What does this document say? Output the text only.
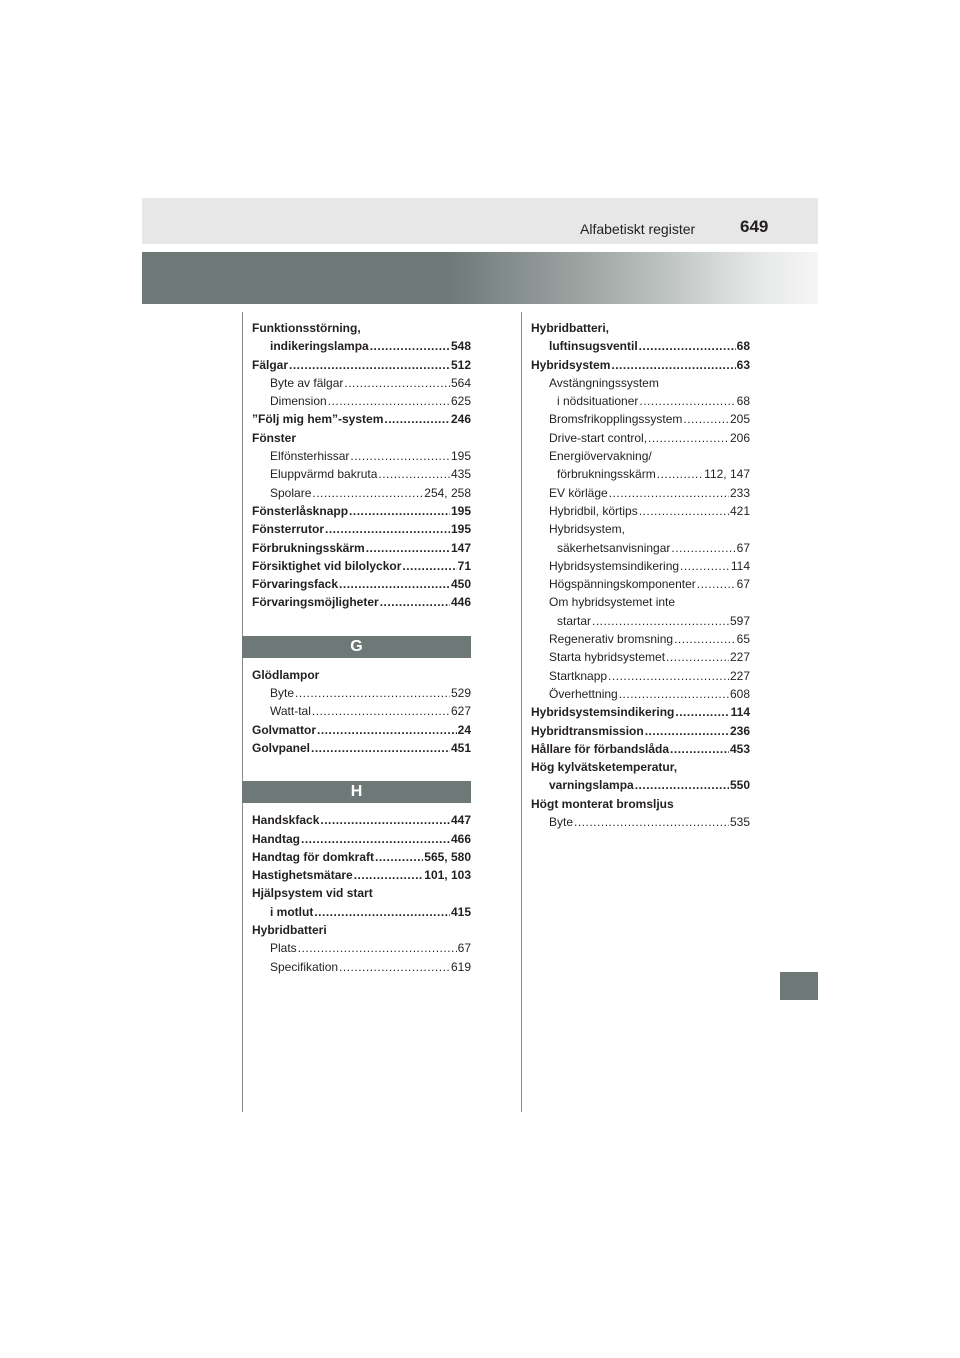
Alfabetiskt register	649
Funktionsstörning,
indikeringslampa .....	548
Fälgar .....	512
Byte av fälgar .....	564
Dimension .....	625
”Följ mig hem”-system .....	246
Fönster
Elfönsterhissar .....	195
Eluppvärmd bakruta .....	435
Spolare .....	254, 258
Fönsterlåsknapp .....	195
Fönsterrutor .....	195
Förbrukningsskärm .....	147
Försiktighet vid bilolyckor .....	71
Förvaringsfack .....	450
Förvaringsmöjligheter .....	446
G
Glödlampor
Byte .....	529
Watt-tal .....	627
Golvmattor .....	24
Golvpanel .....	451
H
Handskfack .....	447
Handtag .....	466
Handtag för domkraft .....	565, 580
Hastighetsmätare .....	101, 103
Hjälpsystem vid start
i motlut .....	415
Hybridbatteri
Plats .....	67
Specifikation .....	619
Hybridbatteri,
luftinsugsventil .....	68
Hybridsystem .....	63
Avstängningssystem
i nödsituationer .....	68
Bromsfrikopplingssystem .....	205
Drive-start control, .....	206
Energiövervakning/
förbrukningsskärm .....	112, 147
EV körläge .....	233
Hybridbil, körtips .....	421
Hybridsystem,
säkerhetsanvisningar .....	67
Hybridsystemsindikering .....	114
Högspänningskomponenter .....	67
Om hybridsystemet inte
startar .....	597
Regenerativ bromsning .....	65
Starta hybridsystemet .....	227
Startknapp .....	227
Överhettning .....	608
Hybridsystemsindikering .....	114
Hybridtransmission .....	236
Hållare för förbandslåda .....	453
Hög kylvätsketemperatur,
varningslampa .....	550
Högt monterat bromsljus
Byte .....	535
